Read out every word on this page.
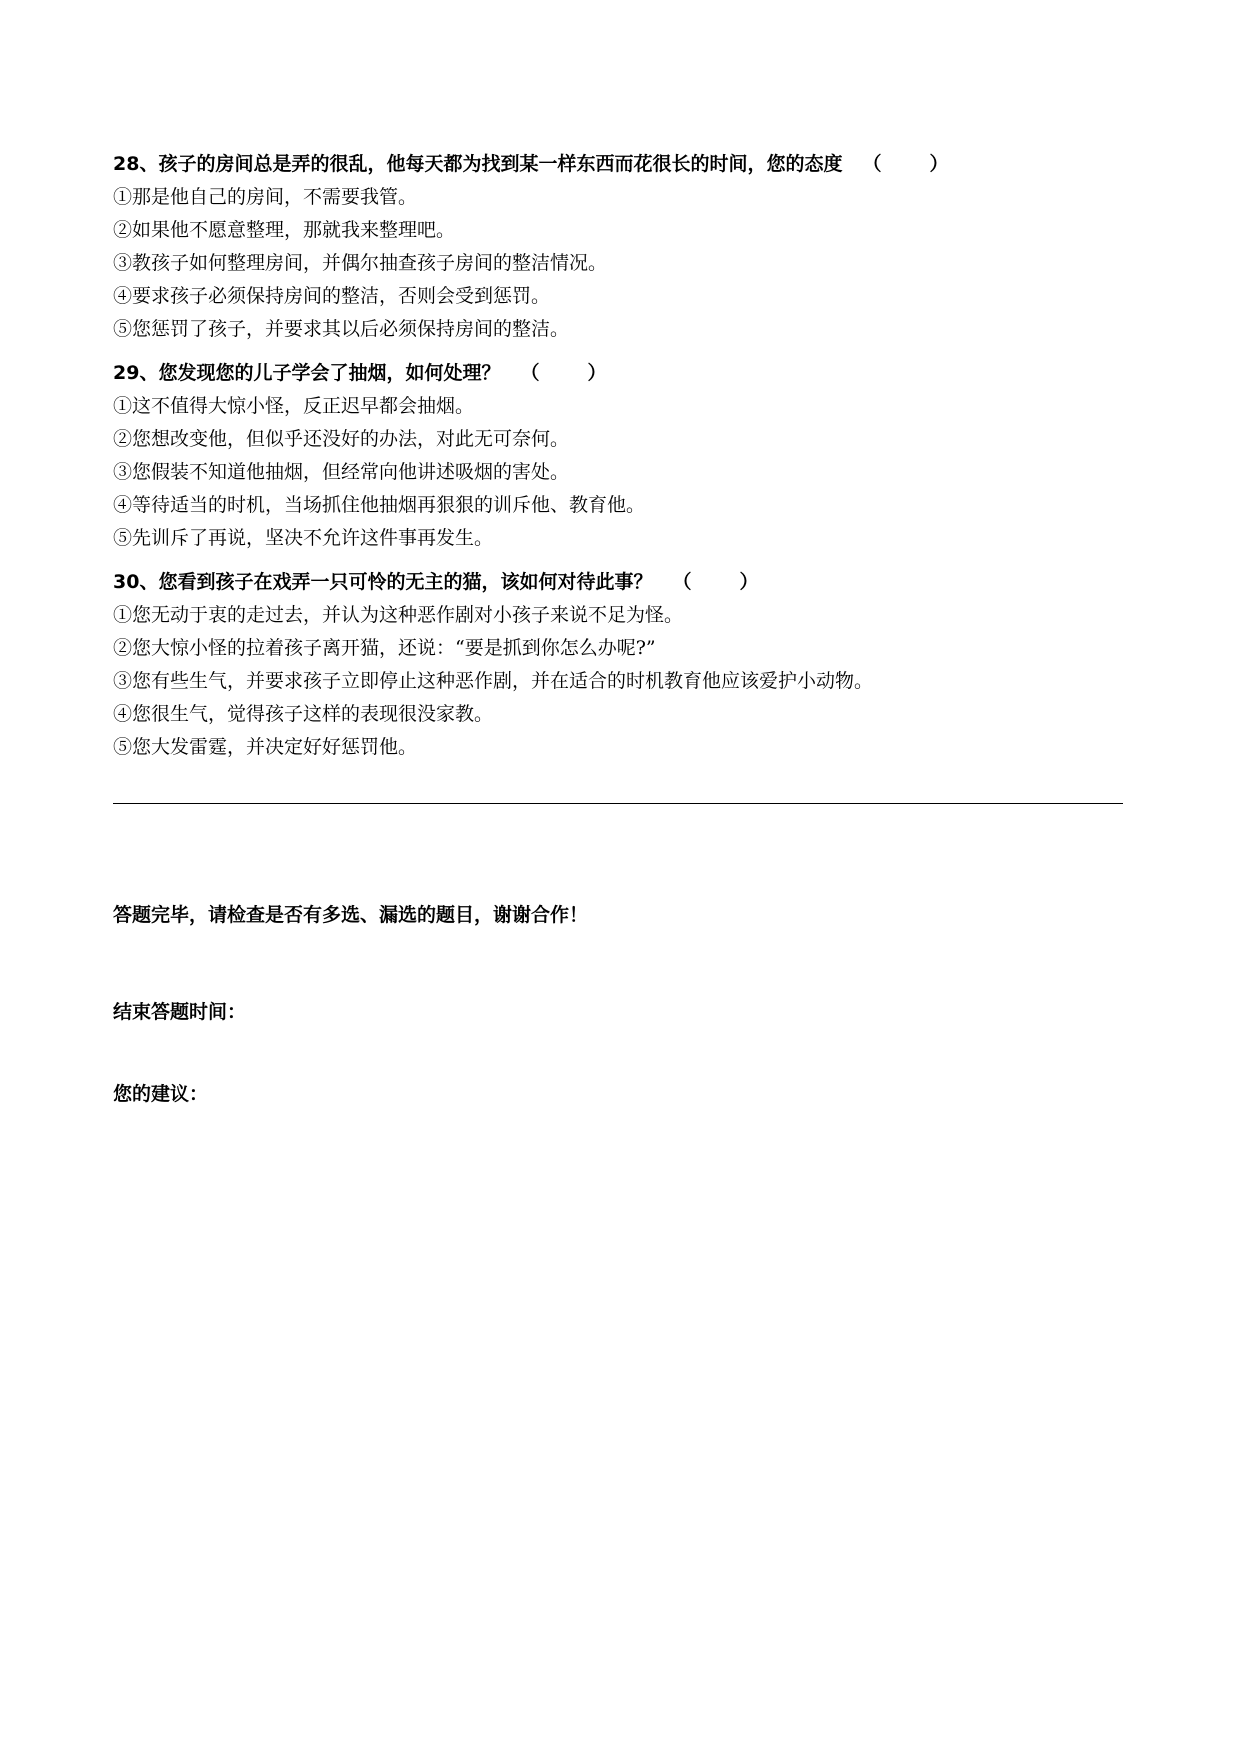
28、孩子的房间总是弄的很乱，他每天都为找到某一样东西而花很长的时间，您的态度 （	）
①那是他自己的房间，不需要我管。
②如果他不愿意整理，那就我来整理吧。
③教孩子如何整理房间，并偶尔抽查孩子房间的整洁情况。
④要求孩子必须保持房间的整洁，否则会受到惩罚。
⑤您惩罚了孩子，并要求其以后必须保持房间的整洁。
29、您发现您的儿子学会了抽烟，如何处理？ （	）
①这不值得大惊小怪，反正迟早都会抽烟。
②您想改变他，但似乎还没好的办法，对此无可奈何。
③您假装不知道他抽烟，但经常向他讲述吸烟的害处。
④等待适当的时机，当场抓住他抽烟再狠狠的训斥他、教育他。
⑤先训斥了再说，坚决不允许这件事再发生。
30、您看到孩子在戏弄一只可怜的无主的猫，该如何对待此事？ （	）
①您无动于衷的走过去，并认为这种恶作剧对小孩子来说不足为怪。
②您大惊小怪的拉着孩子离开猫，还说：“要是抓到你怎么办呢?”
③您有些生气，并要求孩子立即停止这种恶作剧，并在适合的时机教育他应该爱护小动物。
④您很生气，觉得孩子这样的表现很没家教。
⑤您大发雷霆，并决定好好惩罚他。
答题完毕，请检查是否有多选、漏选的题目，谢谢合作！
结束答题时间：
您的建议：
